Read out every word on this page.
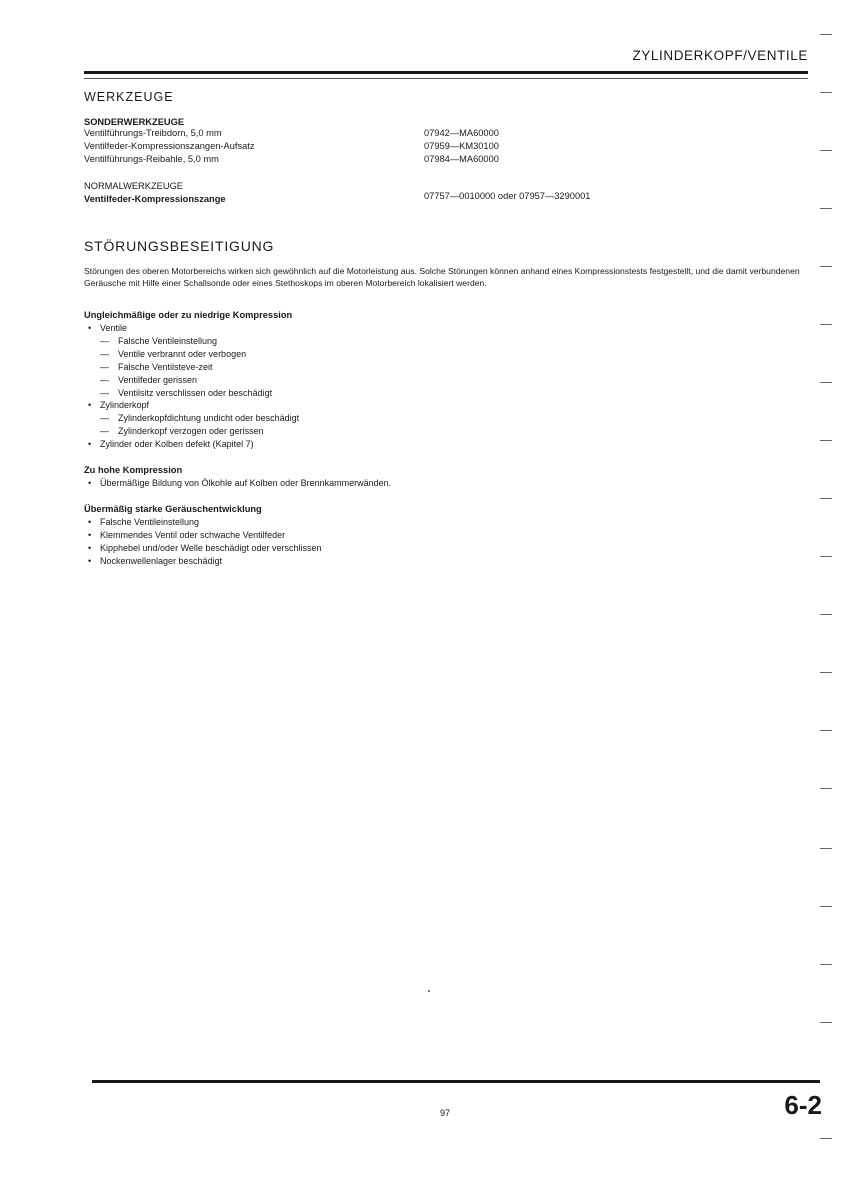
ZYLINDERKOPF/VENTILE
WERKZEUGE
SONDERWERKZEUGE
Ventilführungs-Treibdorn, 5,0 mm	07942—MA60000
Ventilfeder-Kompressionszangen-Aufsatz	07959—KM30100
Ventilführungs-Reibahle, 5,0 mm	07984—MA60000
NORMALWERKZEUGE
Ventilfeder-Kompressionszange	07757—0010000 oder 07957—3290001
STÖRUNGSBESEITIGUNG
Störungen des oberen Motorbereichs wirken sich gewöhnlich auf die Motorleistung aus. Solche Störungen können anhand eines Kompressionstests festgestellt, und die damit verbundenen Geräusche mit Hilfe einer Schallsonde oder eines Stethoskops im oberen Motorbereich lokalisiert werden.
Ungleichmäßige oder zu niedrige Kompression
• Ventile
— Falsche Ventileinstellung
— Ventile verbrannt oder verbogen
— Falsche Ventilsteve-zeit
— Ventilfeder gerissen
— Ventilsitz verschlissen oder beschädigt
• Zylinderkopf
— Zylinderkopfdichtung undicht oder beschädigt
— Zylinderkopf verzogen oder gerissen
• Zylinder oder Kolben defekt (Kapitel 7)
Zu hohe Kompression
• Übermäßige Bildung von Ölkohle auf Kolben oder Brennkammerwänden.
Übermäßig starke Geräuschentwicklung
• Falsche Ventileinstellung
• Klemmendes Ventil oder schwache Ventilfeder
• Kipphebel und/oder Welle beschädigt oder verschlissen
• Nockenwellenlager beschädigt
97	6-2
